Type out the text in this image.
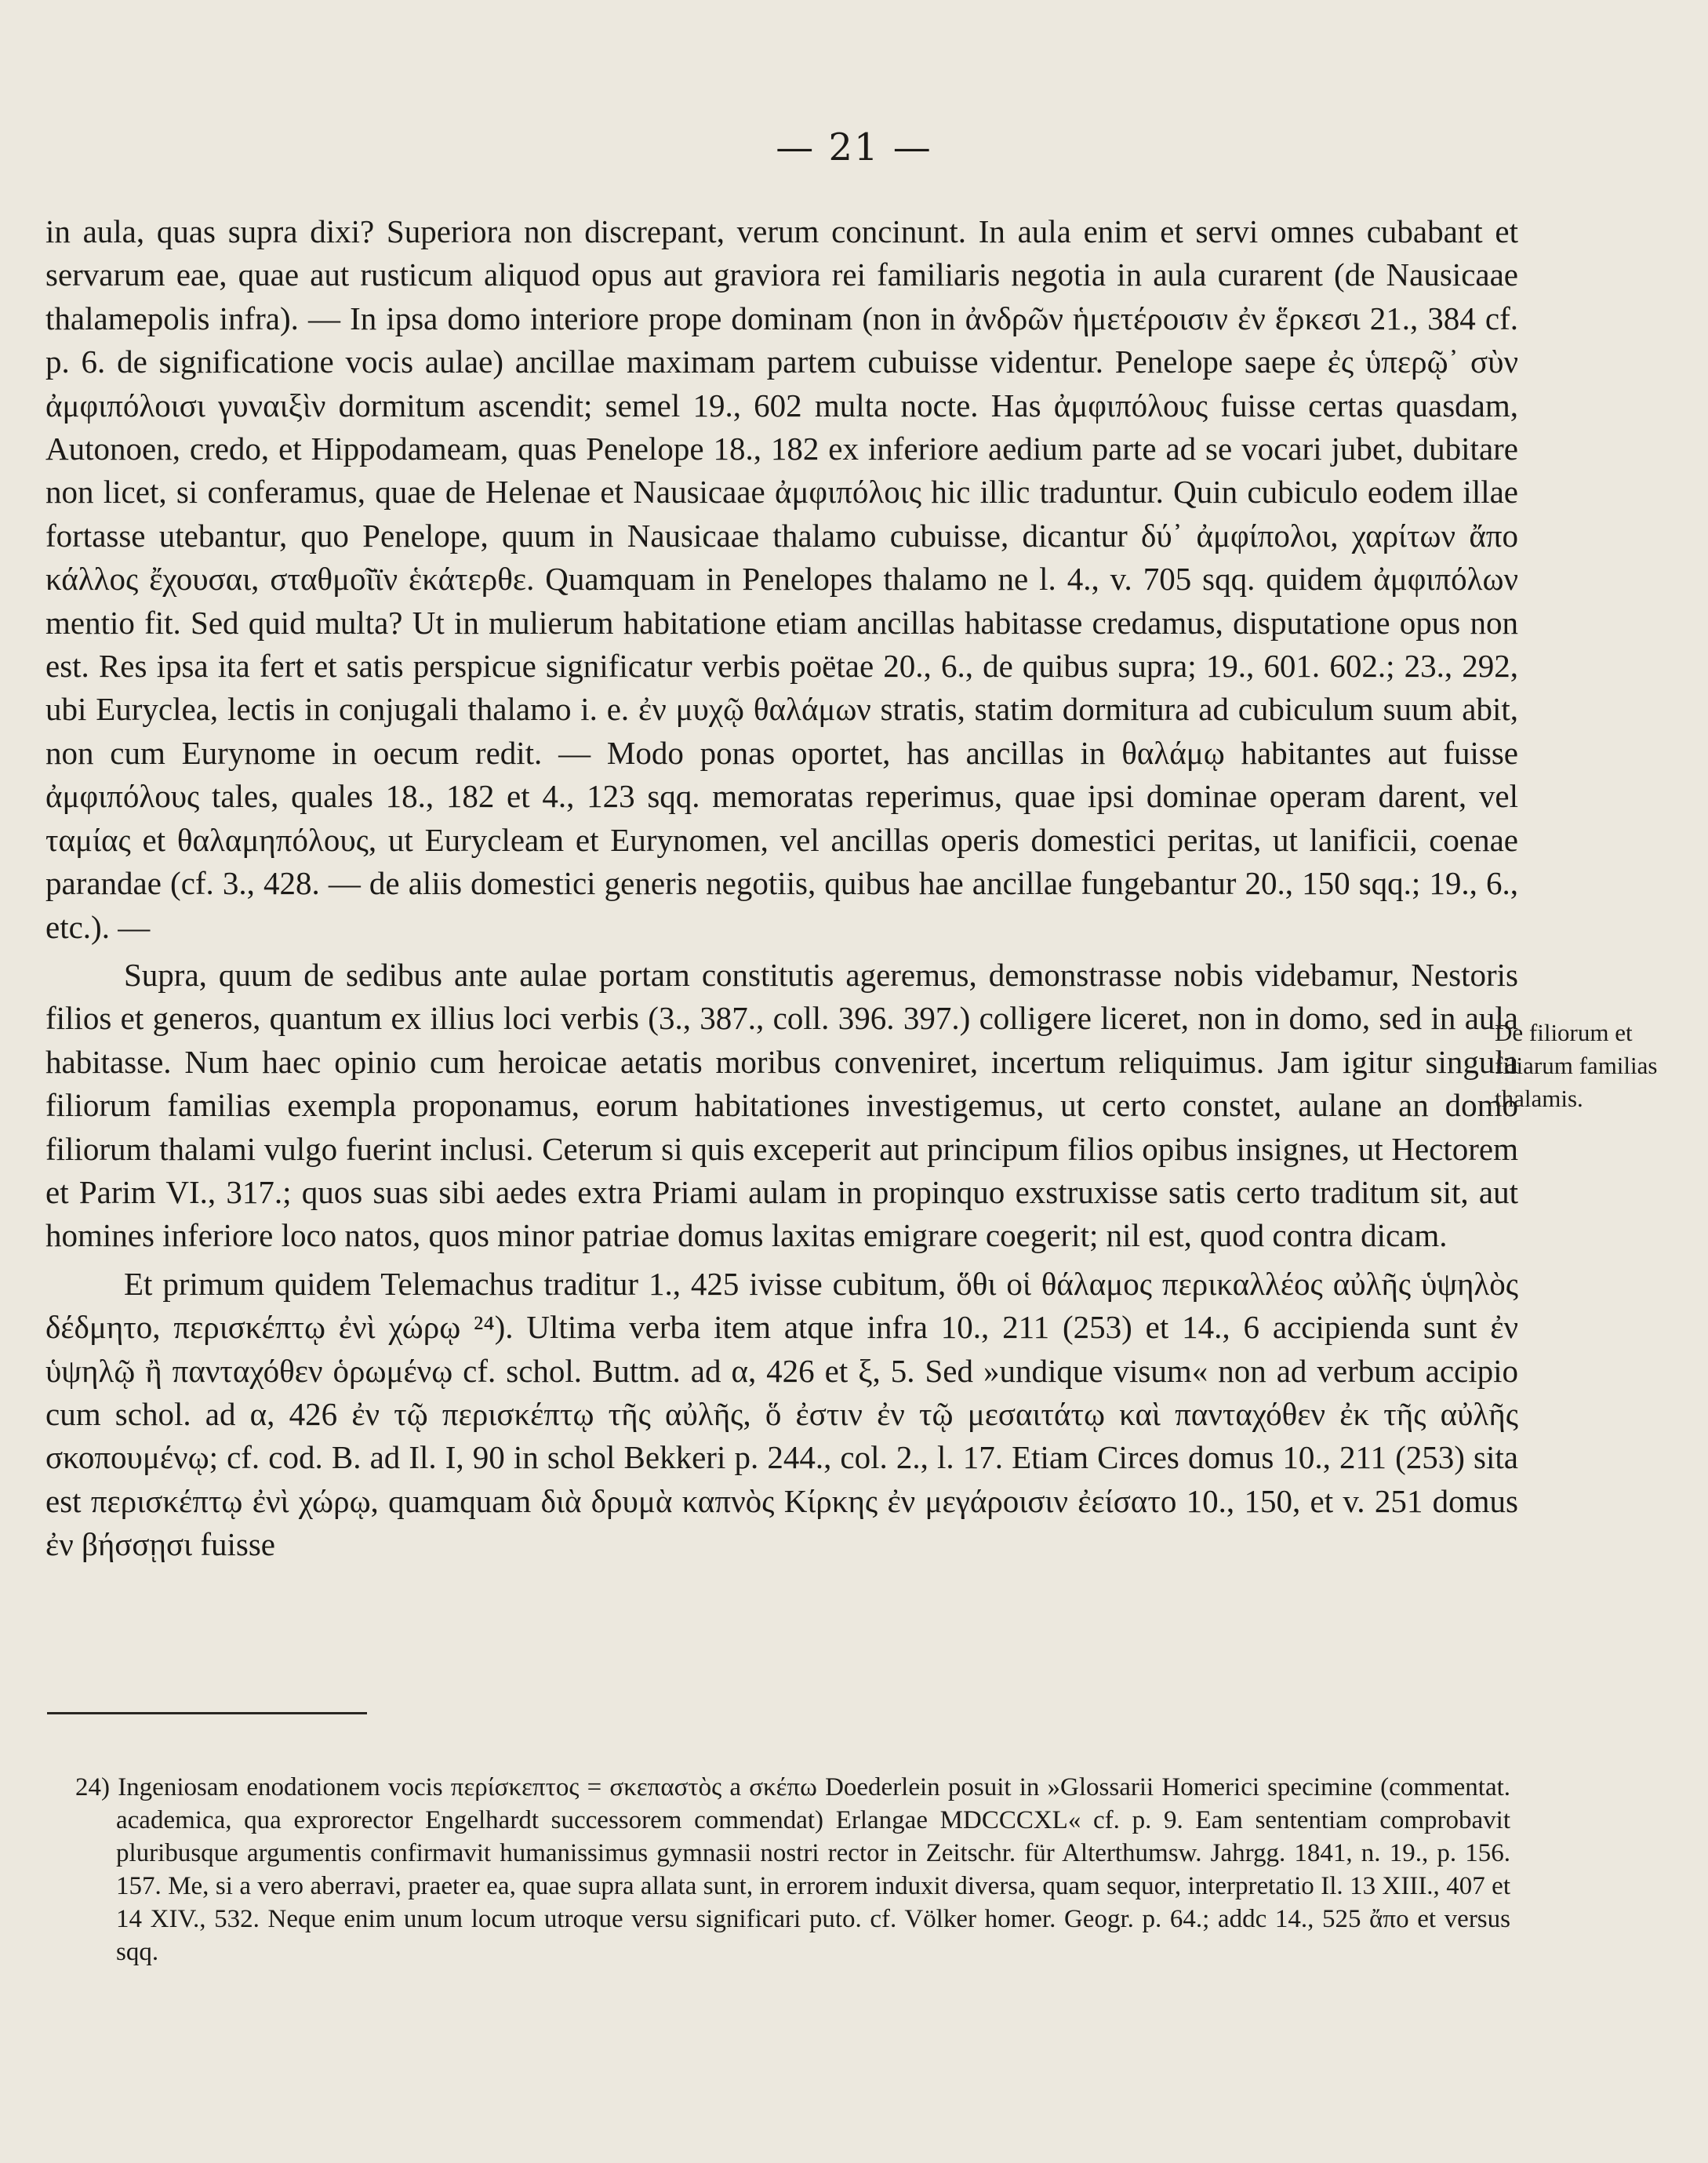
— 21 —

in aula, quas supra dixi? Superiora non discrepant, verum concinunt. In aula enim et servi omnes cubabant et servarum eae, quae aut rusticum aliquod opus aut graviora rei familiaris negotia in aula curarent (de Nausicaae thalamepolis infra). — In ipsa domo interiore prope dominam (non in ἀνδρῶν ἡμετέροισιν ἐν ἕρκεσι 21., 384 cf. p. 6. de significatione vocis aulae) ancillae maximam partem cubuisse videntur. Penelope saepe ἐς ὑπερῷ᾽ σὺν ἀμφιπόλοισι γυναιξὶν dormitum ascendit; semel 19., 602 multa nocte. Has ἀμφιπόλους fuisse certas quasdam, Autonoen, credo, et Hippodameam, quas Penelope 18., 182 ex inferiore aedium parte ad se vocari jubet, dubitare non licet, si conferamus, quae de Helenae et Nausicaae ἀμφιπόλοις hic illic traduntur. Quin cubiculo eodem illae fortasse utebantur, quo Penelope, quum in Nausicaae thalamo cubuisse, dicantur δύ᾽ ἀμφίπολοι, χαρίτων ἄπο κάλλος ἔχουσαι, σταθμοῖϊν ἑκάτερθε. Quamquam in Penelopes thalamo ne l. 4., v. 705 sqq. quidem ἀμφιπόλων mentio fit. Sed quid multa? Ut in mulierum habitatione etiam ancillas habitasse credamus, disputatione opus non est. Res ipsa ita fert et satis perspicue significatur verbis poëtae 20., 6., de quibus supra; 19., 601. 602.; 23., 292, ubi Euryclea, lectis in conjugali thalamo i. e. ἐν μυχῷ θαλάμων stratis, statim dormitura ad cubiculum suum abit, non cum Eurynome in oecum redit. — Modo ponas oportet, has ancillas in θαλάμῳ habitantes aut fuisse ἀμφιπόλους tales, quales 18., 182 et 4., 123 sqq. memoratas reperimus, quae ipsi dominae operam darent, vel ταμίας et θαλαμηπόλους, ut Eurycleam et Eurynomen, vel ancillas operis domestici peritas, ut lanificii, coenae parandae (cf. 3., 428. — de aliis domestici generis negotiis, quibus hae ancillae fungebantur 20., 150 sqq.; 19., 6., etc.). —

Supra, quum de sedibus ante aulae portam constitutis ageremus, demonstrasse nobis videbamur, Nestoris filios et generos, quantum ex illius loci verbis (3., 387., coll. 396. 397.) colligere liceret, non in domo, sed in aula habitasse. Num haec opinio cum heroicae aetatis moribus conveniret, incertum reliquimus. Jam igitur singula filiorum familias exempla proponamus, eorum habitationes investigemus, ut certo constet, aulane an domo filiorum thalami vulgo fuerint inclusi. Ceterum si quis exceperit aut principum filios opibus insignes, ut Hectorem et Parim VI., 317.; quos suas sibi aedes extra Priami aulam in propinquo exstruxisse satis certo traditum sit, aut homines inferiore loco natos, quos minor patriae domus laxitas emigrare coegerit; nil est, quod contra dicam.

Et primum quidem Telemachus traditur 1., 425 ivisse cubitum, ὅθι οἱ θάλαμος περικαλλέος αὐλῆς ὑψηλὸς δέδμητο, περισκέπτῳ ἐνὶ χώρῳ ²⁴). Ultima verba item atque infra 10., 211 (253) et 14., 6 accipienda sunt ἐν ὑψηλῷ ἢ πανταχόθεν ὁρωμένῳ cf. schol. Buttm. ad α, 426 et ξ, 5. Sed »undique visum« non ad verbum accipio cum schol. ad α, 426 ἐν τῷ περισκέπτῳ τῆς αὐλῆς, ὅ ἐστιν ἐν τῷ μεσαιτάτῳ καὶ πανταχόθεν ἐκ τῆς αὐλῆς σκοπουμένῳ; cf. cod. B. ad Il. I, 90 in schol Bekkeri p. 244., col. 2., l. 17. Etiam Circes domus 10., 211 (253) sita est περισκέπτῳ ἐνὶ χώρῳ, quamquam διὰ δρυμὰ καπνὸς Κίρκης ἐν μεγάροισιν ἐείσατο 10., 150, et v. 251 domus ἐν βήσσῃσι fuisse

De filiorum et filiarum familias thalamis.

24) Ingeniosam enodationem vocis περίσκεπτος = σκεπαστὸς a σκέπω Doederlein posuit in »Glossarii Homerici specimine (commentat. academica, qua exprorector Engelhardt successorem commendat) Erlangae MDCCCXL« cf. p. 9. Eam sententiam comprobavit pluribusque argumentis confirmavit humanissimus gymnasii nostri rector in Zeitschr. für Alterthumsw. Jahrgg. 1841, n. 19., p. 156. 157. Me, si a vero aberravi, praeter ea, quae supra allata sunt, in errorem induxit diversa, quam sequor, interpretatio Il. 13 XIII., 407 et 14 XIV., 532. Neque enim unum locum utroque versu significari puto. cf. Völker homer. Geogr. p. 64.; addc 14., 525 ἄπο et versus sqq.
